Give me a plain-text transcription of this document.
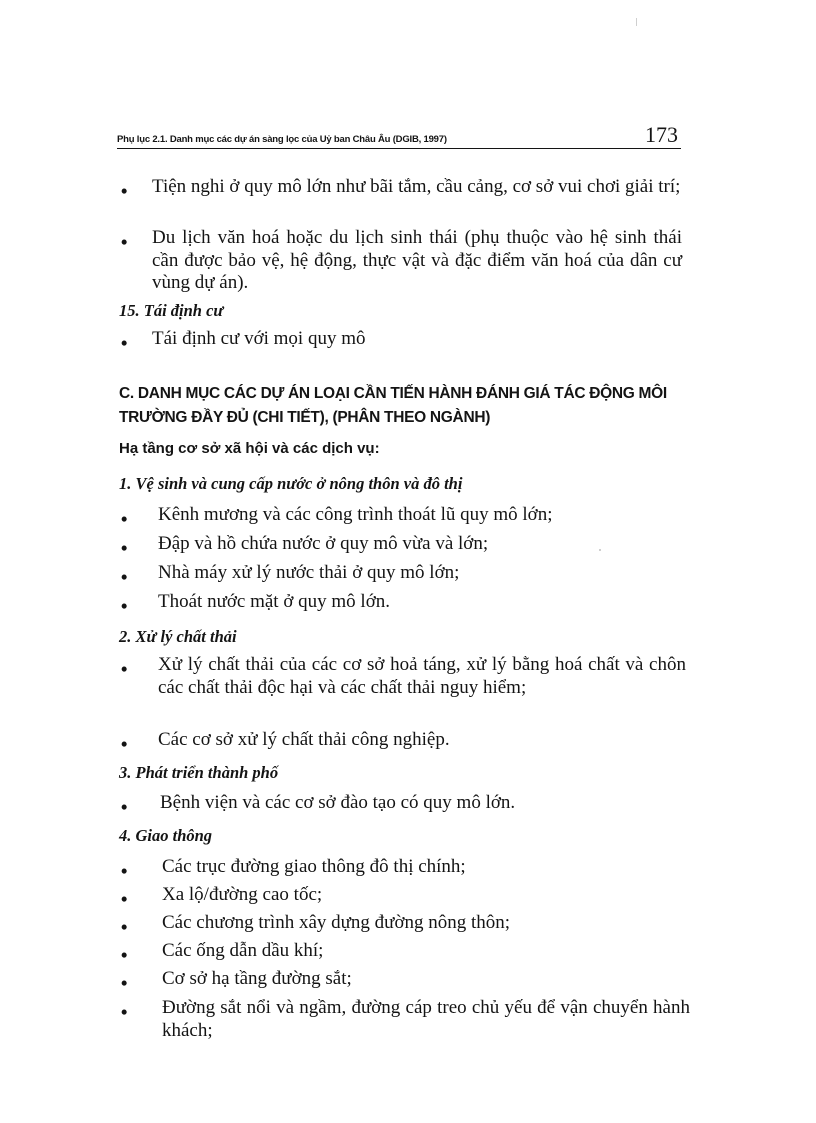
Phụ lục 2.1. Danh mục các dự án sàng lọc của Uỷ ban Châu Âu (DGIB, 1997)	173
• Tiện nghi ở quy mô lớn như bãi tắm, cầu cảng, cơ sở vui chơi giải trí;

• Du lịch văn hoá hoặc du lịch sinh thái (phụ thuộc vào hệ sinh thái cần được bảo vệ, hệ động, thực vật và đặc điểm văn hoá của dân cư vùng dự án).

15. Tái định cư

• Tái định cư với mọi quy mô

C. DANH MỤC CÁC DỰ ÁN LOẠI CẦN TIẾN HÀNH ĐÁNH GIÁ TÁC ĐỘNG MÔI TRƯỜNG ĐẦY ĐỦ (CHI TIẾT), (PHÂN THEO NGÀNH)

Hạ tầng cơ sở xã hội và các dịch vụ:

1. Vệ sinh và cung cấp nước ở nông thôn và đô thị

• Kênh mương và các công trình thoát lũ quy mô lớn;

• Đập và hồ chứa nước ở quy mô vừa và lớn;

• Nhà máy xử lý nước thải ở quy mô lớn;

• Thoát nước mặt ở quy mô lớn.

2. Xử lý chất thải

• Xử lý chất thải của các cơ sở hoả táng, xử lý bằng hoá chất và chôn các chất thải độc hại và các chất thải nguy hiểm;

• Các cơ sở xử lý chất thải công nghiệp.

3. Phát triển thành phố

• Bệnh viện và các cơ sở đào tạo có quy mô lớn.

4. Giao thông

• Các trục đường giao thông đô thị chính;

• Xa lộ/đường cao tốc;

• Các chương trình xây dựng đường nông thôn;

• Các ống dẫn dầu khí;

• Cơ sở hạ tầng đường sắt;

• Đường sắt nổi và ngầm, đường cáp treo chủ yếu để vận chuyển hành khách;
